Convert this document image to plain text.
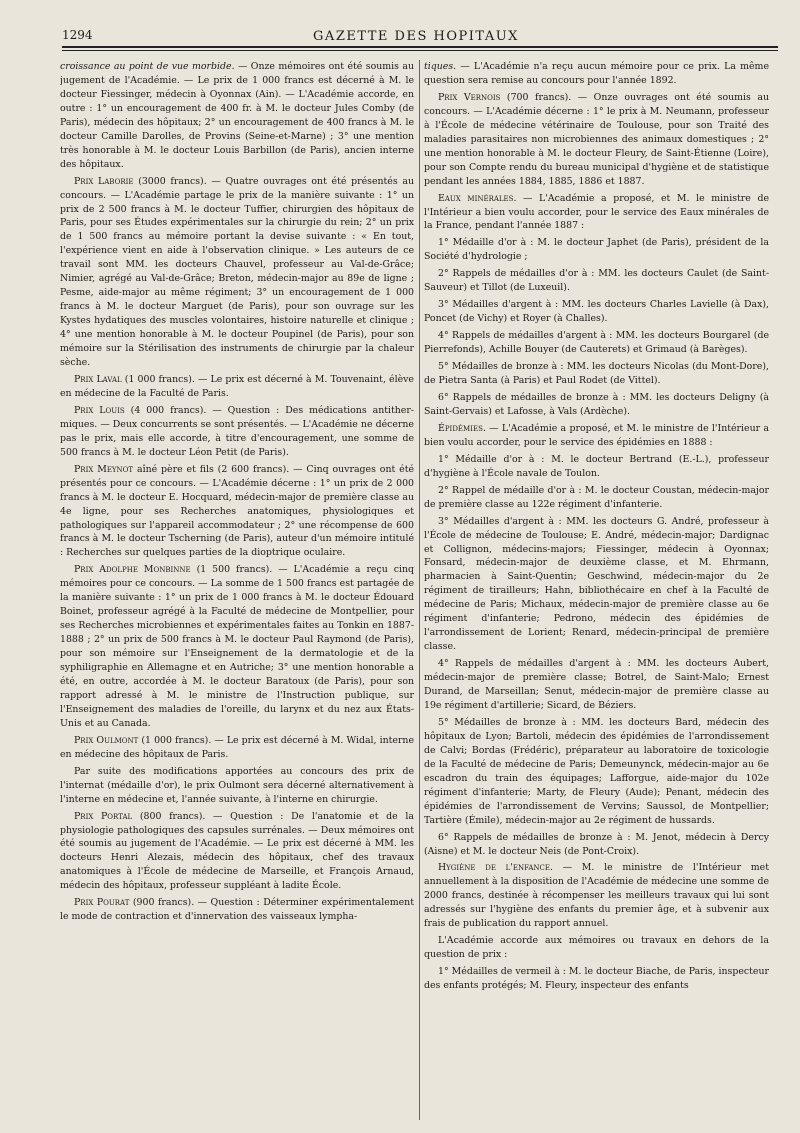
1294	GAZETTE DES HOPITAUX

croissance au point de vue morbide. — Onze mémoires ont été soumis au jugement de l'Académie. — Le prix de 1 000 francs est décerné à M. le docteur Fiessinger, médecin à Oyonnax (Ain). — L'Académie accorde, en outre : 1° un encouragement de 400 fr. à M. le docteur Jules Comby (de Paris), médecin des hôpitaux; 2° un encouragement de 400 francs à M. le docteur Camille Darolles, de Provins (Seine-et-Marne) ; 3° une mention très honorable à M. le docteur Louis Barbillon (de Paris), ancien interne des hôpitaux.

Prix Laborie (3000 francs). — Quatre ouvrages ont été présentés au concours. — L'Académie partage le prix de la manière suivante : 1° un prix de 2 500 francs à M. le docteur Tuffier, chirurgien des hôpitaux de Paris, pour ses Études expérimentales sur la chirurgie du rein; 2° un prix de 1 500 francs au mémoire portant la devise suivante : « En tout, l'expérience vient en aide à l'observation clinique. » Les auteurs de ce travail sont MM. les docteurs Chauvel, professeur au Val-de-Grâce; Nimier, agrégé au Val-de-Grâce; Breton, médecin-major au 89e de ligne ; Pesme, aide-major au même régiment; 3° un encouragement de 1 000 francs à M. le docteur Marguet (de Paris), pour son ouvrage sur les Kystes hydatiques des muscles volontaires, histoire naturelle et clinique ; 4° une mention honorable à M. le docteur Poupinel (de Paris), pour son mémoire sur la Stérilisation des instruments de chirurgie par la chaleur sèche.

Prix Laval (1 000 francs). — Le prix est décerné à M. Touvenaint, élève en médecine de la Faculté de Paris.

Prix Louis (4 000 francs). — Question : Des médications antithermiques. — Deux concurrents se sont présentés. — L'Académie ne décerne pas le prix, mais elle accorde, à titre d'encouragement, une somme de 500 francs à M. le docteur Léon Petit (de Paris).

Prix Meynot aîné père et fils (2 600 francs). — Cinq ouvrages ont été présentés pour ce concours. — L'Académie décerne : 1° un prix de 2 000 francs à M. le docteur E. Hocquard, médecin-major de première classe au 4e ligne, pour ses Recherches anatomiques, physiologiques et pathologiques sur l'appareil accommodateur ; 2° une récompense de 600 francs à M. le docteur Tscherning (de Paris), auteur d'un mémoire intitulé : Recherches sur quelques parties de la dioptrique oculaire.

Prix Adolphe Monbinne (1 500 francs). — L'Académie a reçu cinq mémoires pour ce concours. — La somme de 1 500 francs est partagée de la manière suivante : 1° un prix de 1 000 francs à M. le docteur Édouard Boinet, professeur agrégé à la Faculté de médecine de Montpellier, pour ses Recherches microbiennes et expérimentales faites au Tonkin en 1887-1888 ; 2° un prix de 500 francs à M. le docteur Paul Raymond (de Paris), pour son mémoire sur l'Enseignement de la dermatologie et de la syphiligraphie en Allemagne et en Autriche; 3° une mention honorable a été, en outre, accordée à M. le docteur Baratoux (de Paris), pour son rapport adressé à M. le ministre de l'Instruction publique, sur l'Enseignement des maladies de l'oreille, du larynx et du nez aux États-Unis et au Canada.

Prix Oulmont (1 000 francs). — Le prix est décerné à M. Widal, interne en médecine des hôpitaux de Paris.

Par suite des modifications apportées au concours des prix de l'internat (médaille d'or), le prix Oulmont sera décerné alternativement à l'interne en médecine et, l'année suivante, à l'interne en chirurgie.

Prix Portal (800 francs). — Question : De l'anatomie et de la physiologie pathologiques des capsules surrénales. — Deux mémoires ont été soumis au jugement de l'Académie. — Le prix est décerné à MM. les docteurs Henri Alezais, médecin des hôpitaux, chef des travaux anatomiques à l'École de médecine de Marseille, et François Arnaud, médecin des hôpitaux, professeur suppléant à ladite École.

Prix Pourat (900 francs). — Question : Déterminer expérimentalement le mode de contraction et d'innervation des vaisseaux lympha-

tiques. — L'Académie n'a reçu aucun mémoire pour ce prix. La même question sera remise au concours pour l'année 1892.

Prix Vernois (700 francs). — Onze ouvrages ont été soumis au concours. — L'Académie décerne : 1° le prix à M. Neumann, professeur à l'École de médecine vétérinaire de Toulouse, pour son Traité des maladies parasitaires non microbiennes des animaux domestiques ; 2° une mention honorable à M. le docteur Fleury, de Saint-Étienne (Loire), pour son Compte rendu du bureau municipal d'hygiène et de statistique pendant les années 1884, 1885, 1886 et 1887.

Eaux minérales. — L'Académie a proposé, et M. le ministre de l'Intérieur a bien voulu accorder, pour le service des Eaux minérales de la France, pendant l'année 1887 :

1° Médaille d'or à : M. le docteur Japhet (de Paris), président de la Société d'hydrologie ;

2° Rappels de médailles d'or à : MM. les docteurs Caulet (de Saint-Sauveur) et Tillot (de Luxeuil).

3° Médailles d'argent à : MM. les docteurs Charles Lavielle (à Dax), Poncet (de Vichy) et Royer (à Challes).

4° Rappels de médailles d'argent à : MM. les docteurs Bourgarel (de Pierrefonds), Achille Bouyer (de Cauterets) et Grimaud (à Barèges).

5° Médailles de bronze à : MM. les docteurs Nicolas (du Mont-Dore), de Pietra Santa (à Paris) et Paul Rodet (de Vittel).

6° Rappels de médailles de bronze à : MM. les docteurs Deligny (à Saint-Gervais) et Lafosse, à Vals (Ardèche).

Épidémies. — L'Académie a proposé, et M. le ministre de l'Intérieur a bien voulu accorder, pour le service des épidémies en 1888 :

1° Médaille d'or à : M. le docteur Bertrand (E.-L.), professeur d'hygiène à l'École navale de Toulon.

2° Rappel de médaille d'or à : M. le docteur Coustan, médecin-major de première classe au 122e régiment d'infanterie.

3° Médailles d'argent à : MM. les docteurs G. André, professeur à l'École de médecine de Toulouse; E. André, médecin-major; Dardignac et Collignon, médecins-majors; Fiessinger, médecin à Oyonnax; Fonsard, médecin-major de deuxième classe, et M. Ehrmann, pharmacien à Saint-Quentin; Geschwind, médecin-major du 2e régiment de tirailleurs; Hahn, bibliothécaire en chef à la Faculté de médecine de Paris; Michaux, médecin-major de première classe au 6e régiment d'infanterie; Pedrono, médecin des épidémies de l'arrondissement de Lorient; Renard, médecin-principal de première classe.

4° Rappels de médailles d'argent à : MM. les docteurs Aubert, médecin-major de première classe; Botrel, de Saint-Malo; Ernest Durand, de Marseillan; Senut, médecin-major de première classe au 19e régiment d'artillerie; Sicard, de Béziers.

5° Médailles de bronze à : MM. les docteurs Bard, médecin des hôpitaux de Lyon; Bartoli, médecin des épidémies de l'arrondissement de Calvi; Bordas (Frédéric), préparateur au laboratoire de toxicologie de la Faculté de médecine de Paris; Demeunynck, médecin-major au 6e escadron du train des équipages; Lafforgue, aide-major du 102e régiment d'infanterie; Marty, de Fleury (Aude); Penant, médecin des épidémies de l'arrondissement de Vervins; Saussol, de Montpellier; Tartière (Émile), médecin-major au 2e régiment de hussards.

6° Rappels de médailles de bronze à : M. Jenot, médecin à Dercy (Aisne) et M. le docteur Neis (de Pont-Croix).

Hygiène de l'enfance. — M. le ministre de l'Intérieur met annuellement à la disposition de l'Académie de médecine une somme de 2000 francs, destinée à récompenser les meilleurs travaux qui lui sont adressés sur l'hygiène des enfants du premier âge, et à subvenir aux frais de publication du rapport annuel.

L'Académie accorde aux mémoires ou travaux en dehors de la question de prix :

1° Médailles de vermeil à : M. le docteur Biache, de Paris, inspecteur des enfants protégés; M. Fleury, inspecteur des enfants
